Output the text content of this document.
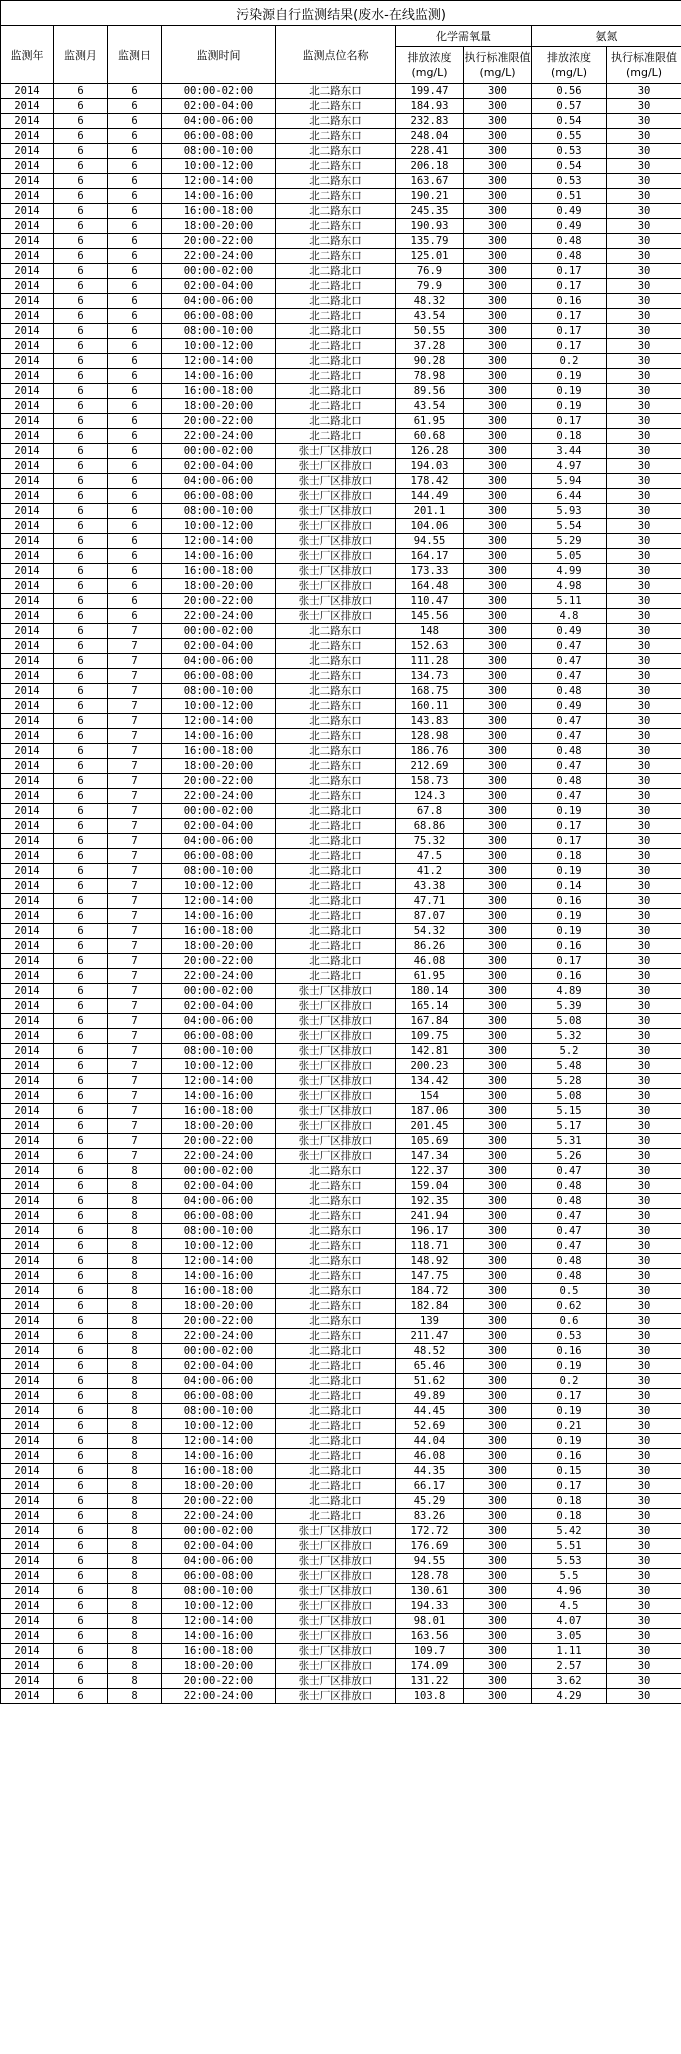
污染源自行监测结果(废水-在线监测)								
监测年	监测月	监测日	监测时间	监测点位名称	化学需氧量		氨氮	
					排放浓度(mg/L)	执行标准限值(mg/L)	排放浓度(mg/L)	执行标准限值(mg/L)
2014	6	6	00:00-02:00	北二路东口	199.47	300	0.56	30
2014	6	6	02:00-04:00	北二路东口	184.93	300	0.57	30
2014	6	6	04:00-06:00	北二路东口	232.83	300	0.54	30
2014	6	6	06:00-08:00	北二路东口	248.04	300	0.55	30
2014	6	6	08:00-10:00	北二路东口	228.41	300	0.53	30
2014	6	6	10:00-12:00	北二路东口	206.18	300	0.54	30
2014	6	6	12:00-14:00	北二路东口	163.67	300	0.53	30
2014	6	6	14:00-16:00	北二路东口	190.21	300	0.51	30
2014	6	6	16:00-18:00	北二路东口	245.35	300	0.49	30
2014	6	6	18:00-20:00	北二路东口	190.93	300	0.49	30
2014	6	6	20:00-22:00	北二路东口	135.79	300	0.48	30
2014	6	6	22:00-24:00	北二路东口	125.01	300	0.48	30
2014	6	6	00:00-02:00	北二路北口	76.9	300	0.17	30
2014	6	6	02:00-04:00	北二路北口	79.9	300	0.17	30
2014	6	6	04:00-06:00	北二路北口	48.32	300	0.16	30
2014	6	6	06:00-08:00	北二路北口	43.54	300	0.17	30
2014	6	6	08:00-10:00	北二路北口	50.55	300	0.17	30
2014	6	6	10:00-12:00	北二路北口	37.28	300	0.17	30
2014	6	6	12:00-14:00	北二路北口	90.28	300	0.2	30
2014	6	6	14:00-16:00	北二路北口	78.98	300	0.19	30
2014	6	6	16:00-18:00	北二路北口	89.56	300	0.19	30
2014	6	6	18:00-20:00	北二路北口	43.54	300	0.19	30
2014	6	6	20:00-22:00	北二路北口	61.95	300	0.17	30
2014	6	6	22:00-24:00	北二路北口	60.68	300	0.18	30
2014	6	6	00:00-02:00	张士厂区排放口	126.28	300	3.44	30
2014	6	6	02:00-04:00	张士厂区排放口	194.03	300	4.97	30
2014	6	6	04:00-06:00	张士厂区排放口	178.42	300	5.94	30
2014	6	6	06:00-08:00	张士厂区排放口	144.49	300	6.44	30
2014	6	6	08:00-10:00	张士厂区排放口	201.1	300	5.93	30
2014	6	6	10:00-12:00	张士厂区排放口	104.06	300	5.54	30
2014	6	6	12:00-14:00	张士厂区排放口	94.55	300	5.29	30
2014	6	6	14:00-16:00	张士厂区排放口	164.17	300	5.05	30
2014	6	6	16:00-18:00	张士厂区排放口	173.33	300	4.99	30
2014	6	6	18:00-20:00	张士厂区排放口	164.48	300	4.98	30
2014	6	6	20:00-22:00	张士厂区排放口	110.47	300	5.11	30
2014	6	6	22:00-24:00	张士厂区排放口	145.56	300	4.8	30
2014	6	7	00:00-02:00	北二路东口	148	300	0.49	30
2014	6	7	02:00-04:00	北二路东口	152.63	300	0.47	30
2014	6	7	04:00-06:00	北二路东口	111.28	300	0.47	30
2014	6	7	06:00-08:00	北二路东口	134.73	300	0.47	30
2014	6	7	08:00-10:00	北二路东口	168.75	300	0.48	30
2014	6	7	10:00-12:00	北二路东口	160.11	300	0.49	30
2014	6	7	12:00-14:00	北二路东口	143.83	300	0.47	30
2014	6	7	14:00-16:00	北二路东口	128.98	300	0.47	30
2014	6	7	16:00-18:00	北二路东口	186.76	300	0.48	30
2014	6	7	18:00-20:00	北二路东口	212.69	300	0.47	30
2014	6	7	20:00-22:00	北二路东口	158.73	300	0.48	30
2014	6	7	22:00-24:00	北二路东口	124.3	300	0.47	30
2014	6	7	00:00-02:00	北二路北口	67.8	300	0.19	30
2014	6	7	02:00-04:00	北二路北口	68.86	300	0.17	30
2014	6	7	04:00-06:00	北二路北口	75.32	300	0.17	30
2014	6	7	06:00-08:00	北二路北口	47.5	300	0.18	30
2014	6	7	08:00-10:00	北二路北口	41.2	300	0.19	30
2014	6	7	10:00-12:00	北二路北口	43.38	300	0.14	30
2014	6	7	12:00-14:00	北二路北口	47.71	300	0.16	30
2014	6	7	14:00-16:00	北二路北口	87.07	300	0.19	30
2014	6	7	16:00-18:00	北二路北口	54.32	300	0.19	30
2014	6	7	18:00-20:00	北二路北口	86.26	300	0.16	30
2014	6	7	20:00-22:00	北二路北口	46.08	300	0.17	30
2014	6	7	22:00-24:00	北二路北口	61.95	300	0.16	30
2014	6	7	00:00-02:00	张士厂区排放口	180.14	300	4.89	30
2014	6	7	02:00-04:00	张士厂区排放口	165.14	300	5.39	30
2014	6	7	04:00-06:00	张士厂区排放口	167.84	300	5.08	30
2014	6	7	06:00-08:00	张士厂区排放口	109.75	300	5.32	30
2014	6	7	08:00-10:00	张士厂区排放口	142.81	300	5.2	30
2014	6	7	10:00-12:00	张士厂区排放口	200.23	300	5.48	30
2014	6	7	12:00-14:00	张士厂区排放口	134.42	300	5.28	30
2014	6	7	14:00-16:00	张士厂区排放口	154	300	5.08	30
2014	6	7	16:00-18:00	张士厂区排放口	187.06	300	5.15	30
2014	6	7	18:00-20:00	张士厂区排放口	201.45	300	5.17	30
2014	6	7	20:00-22:00	张士厂区排放口	105.69	300	5.31	30
2014	6	7	22:00-24:00	张士厂区排放口	147.34	300	5.26	30
2014	6	8	00:00-02:00	北二路东口	122.37	300	0.47	30
2014	6	8	02:00-04:00	北二路东口	159.04	300	0.48	30
2014	6	8	04:00-06:00	北二路东口	192.35	300	0.48	30
2014	6	8	06:00-08:00	北二路东口	241.94	300	0.47	30
2014	6	8	08:00-10:00	北二路东口	196.17	300	0.47	30
2014	6	8	10:00-12:00	北二路东口	118.71	300	0.47	30
2014	6	8	12:00-14:00	北二路东口	148.92	300	0.48	30
2014	6	8	14:00-16:00	北二路东口	147.75	300	0.48	30
2014	6	8	16:00-18:00	北二路东口	184.72	300	0.5	30
2014	6	8	18:00-20:00	北二路东口	182.84	300	0.62	30
2014	6	8	20:00-22:00	北二路东口	139	300	0.6	30
2014	6	8	22:00-24:00	北二路东口	211.47	300	0.53	30
2014	6	8	00:00-02:00	北二路北口	48.52	300	0.16	30
2014	6	8	02:00-04:00	北二路北口	65.46	300	0.19	30
2014	6	8	04:00-06:00	北二路北口	51.62	300	0.2	30
2014	6	8	06:00-08:00	北二路北口	49.89	300	0.17	30
2014	6	8	08:00-10:00	北二路北口	44.45	300	0.19	30
2014	6	8	10:00-12:00	北二路北口	52.69	300	0.21	30
2014	6	8	12:00-14:00	北二路北口	44.04	300	0.19	30
2014	6	8	14:00-16:00	北二路北口	46.08	300	0.16	30
2014	6	8	16:00-18:00	北二路北口	44.35	300	0.15	30
2014	6	8	18:00-20:00	北二路北口	66.17	300	0.17	30
2014	6	8	20:00-22:00	北二路北口	45.29	300	0.18	30
2014	6	8	22:00-24:00	北二路北口	83.26	300	0.18	30
2014	6	8	00:00-02:00	张士厂区排放口	172.72	300	5.42	30
2014	6	8	02:00-04:00	张士厂区排放口	176.69	300	5.51	30
2014	6	8	04:00-06:00	张士厂区排放口	94.55	300	5.53	30
2014	6	8	06:00-08:00	张士厂区排放口	128.78	300	5.5	30
2014	6	8	08:00-10:00	张士厂区排放口	130.61	300	4.96	30
2014	6	8	10:00-12:00	张士厂区排放口	194.33	300	4.5	30
2014	6	8	12:00-14:00	张士厂区排放口	98.01	300	4.07	30
2014	6	8	14:00-16:00	张士厂区排放口	163.56	300	3.05	30
2014	6	8	16:00-18:00	张士厂区排放口	109.7	300	1.11	30
2014	6	8	18:00-20:00	张士厂区排放口	174.09	300	2.57	30
2014	6	8	20:00-22:00	张士厂区排放口	131.22	300	3.62	30
2014	6	8	22:00-24:00	张士厂区排放口	103.8	300	4.29	30
